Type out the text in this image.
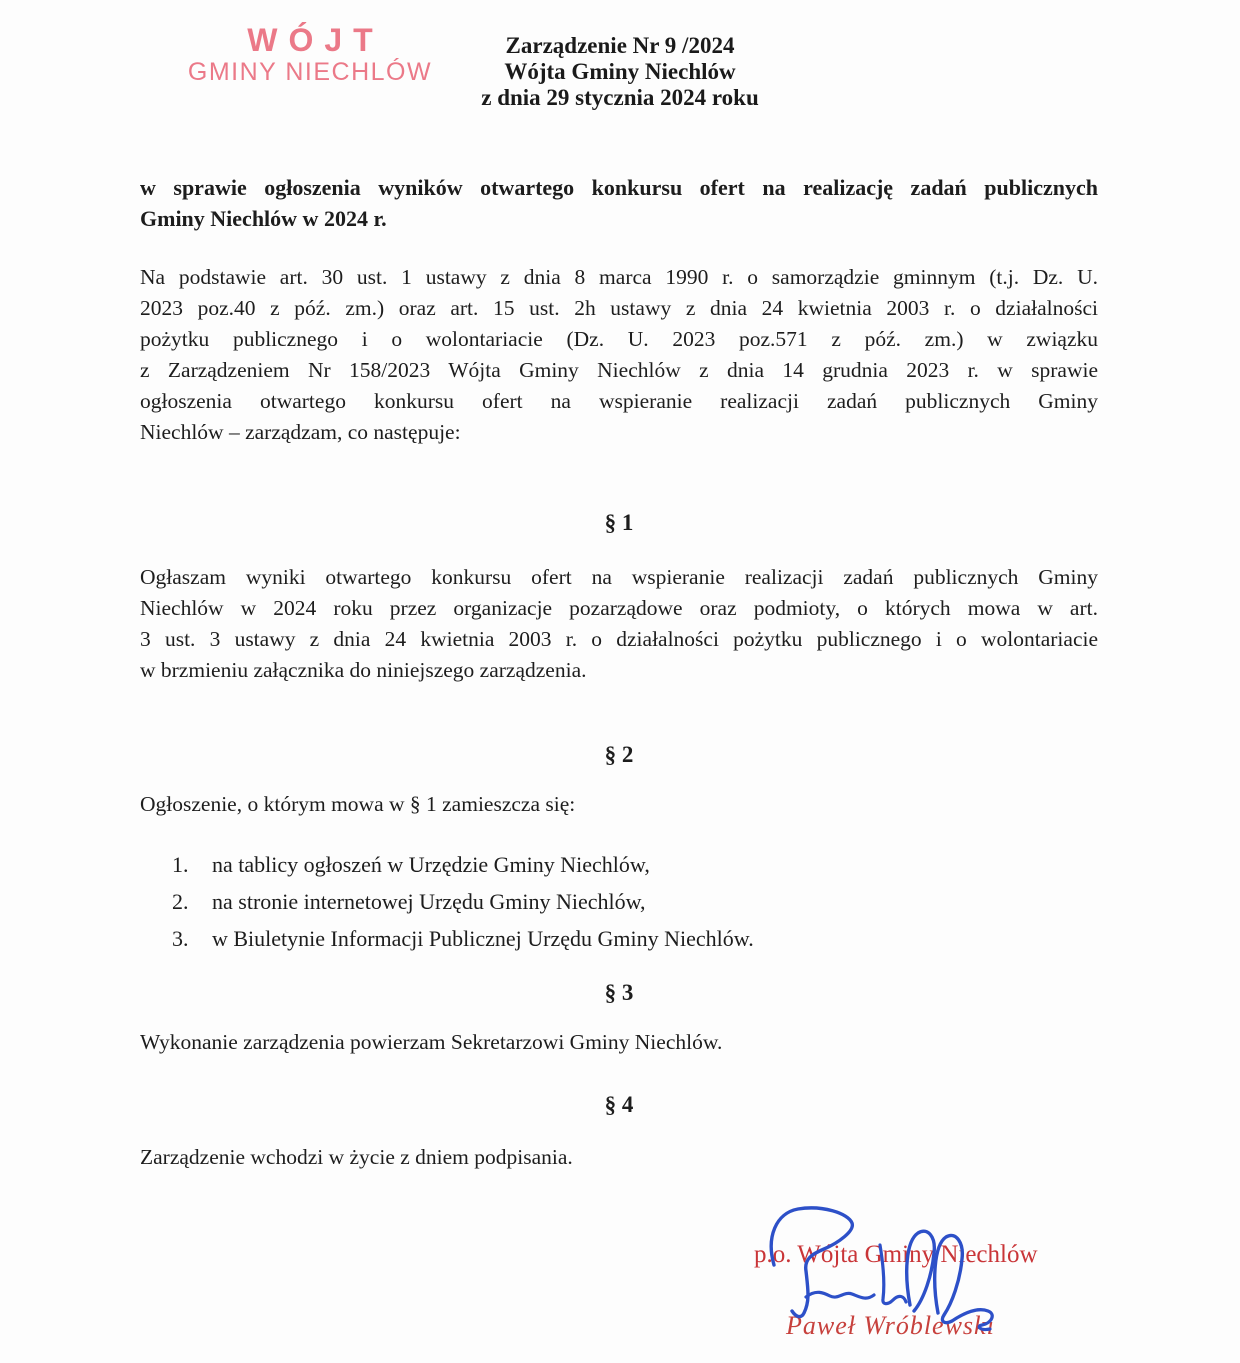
WÓJT
GMINY NIECHLÓW
Zarządzenie Nr 9 /2024
Wójta Gminy Niechlów
z dnia 29 stycznia 2024 roku
w sprawie ogłoszenia wyników otwartego konkursu ofert na realizację zadań publicznych
Gminy Niechlów w 2024 r.
Na podstawie art. 30 ust. 1 ustawy z dnia 8 marca 1990 r. o samorządzie gminnym (t.j. Dz. U.
2023 poz.40 z póź. zm.) oraz art. 15 ust. 2h ustawy z dnia 24 kwietnia 2003 r. o działalności
pożytku publicznego i o wolontariacie (Dz. U. 2023 poz.571 z póź. zm.) w związku
z Zarządzeniem Nr 158/2023 Wójta Gminy Niechlów z dnia 14 grudnia 2023 r. w sprawie
ogłoszenia otwartego konkursu ofert na wspieranie realizacji zadań publicznych Gminy
Niechlów – zarządzam, co następuje:
§ 1
Ogłaszam wyniki otwartego konkursu ofert na wspieranie realizacji zadań publicznych Gminy
Niechlów w 2024 roku przez organizacje pozarządowe oraz podmioty, o których mowa w art.
3 ust. 3 ustawy z dnia 24 kwietnia 2003 r. o działalności pożytku publicznego i o wolontariacie
w brzmieniu załącznika do niniejszego zarządzenia.
§ 2
Ogłoszenie, o którym mowa w § 1 zamieszcza się:
1.	na tablicy ogłoszeń w Urzędzie Gminy Niechlów,
2.	na stronie internetowej Urzędu Gminy Niechlów,
3.	w Biuletynie Informacji Publicznej Urzędu Gminy Niechlów.
§ 3
Wykonanie zarządzenia powierzam Sekretarzowi Gminy Niechlów.
§ 4
Zarządzenie wchodzi w życie z dniem podpisania.
p.o. Wójta Gminy Niechlów
Paweł Wróblewski
